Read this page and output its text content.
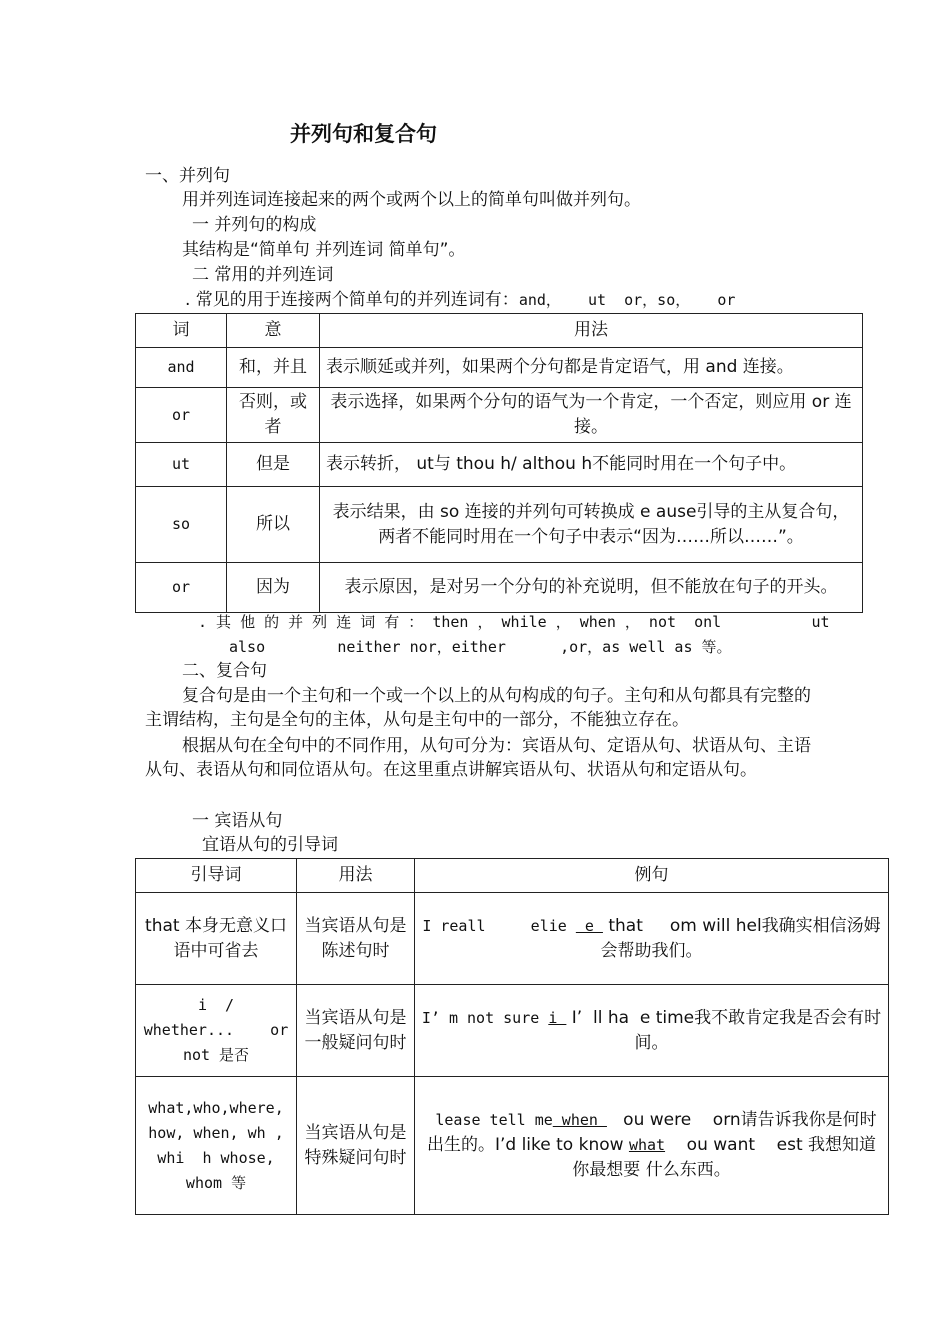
并列句和复合句
一、并列句
用并列连词连接起来的两个或两个以上的简单句叫做并列句。
一 并列句的构成
其结构是“简单句 并列连词 简单句”。
二 常用的并列连词
. 常见的用于连接两个简单句的并列连词有：and，   ut  or，so，   or
词	意	用法
and	和，并且	表示顺延或并列，如果两个分句都是肯定语气，用 and 连接。
or	否则，或者	表示选择，如果两个分句的语气为一个肯定，一个否定，则应用 or 连接。
ut	但是	表示转折， ut与 thou h/ althou h不能同时用在一个句子中。
so	所以	表示结果，由 so 连接的并列句可转换成 e ause引导的主从复合句，两者不能同时用在一个句子中表示“因为……所以……”。
or	因为	表示原因，是对另一个分句的补充说明，但不能放在句子的开头。
. 其 他 的 并 列 连 词 有 ： then ， while ， when ， not  onl          ut
also        neither nor，either      ,or，as well as 等。
二、复合句
复合句是由一个主句和一个或一个以上的从句构成的句子。主句和从句都具有完整的主谓结构，主句是全句的主体，从句是主句中的一部分，不能独立存在。
根据从句在全句中的不同作用，从句可分为：宾语从句、定语从句、状语从句、主语从句、表语从句和同位语从句。在这里重点讲解宾语从句、状语从句和定语从句。
一 宾语从句
宜语从句的引导词
引导词	用法	例句
that 本身无意义口语中可省去	当宾语从句是陈述句时	I reall     elie  e  that     om will hel我确实相信汤姆会帮助我们。

i  /
whether...    or
not 是否	当宾语从句是一般疑问句时	I’ m not sure i  I’  ll ha  e time我不敢肯定我是否会有时间。

what,who,where,
how, when, wh ,
whi  h whose,
whom 等	当宾语从句是特殊疑问句时	lease tell me when    ou were    orn请告诉我你是何时出生的。I’d like to know what    ou want    est 我想知道你最想要 什么东西。
